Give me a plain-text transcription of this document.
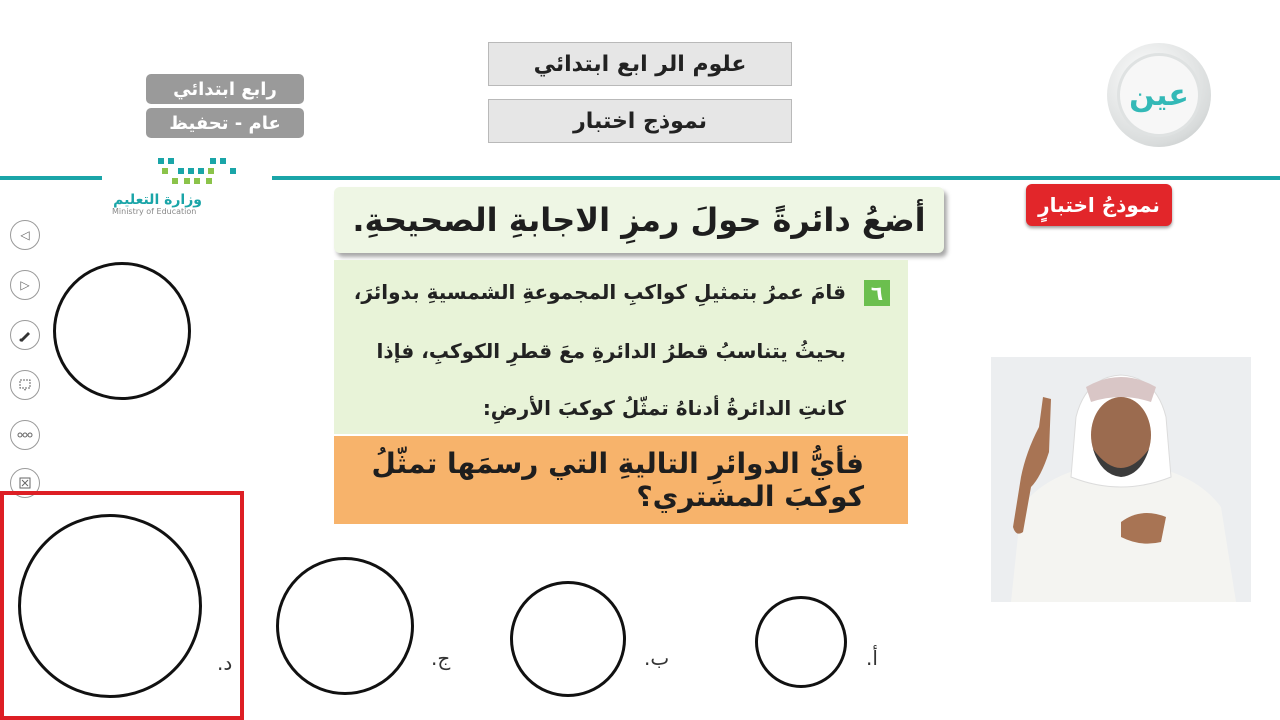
علوم الر ابع ابتدائي
نموذج اختبار
رابع ابتدائي
عام - تحفيظ
وزارة التعليم
Ministry of Education
عين
نموذجُ اختبارٍ
أضعُ دائرةً حولَ رمزِ الاجابةِ الصحيحةِ.
٦
قامَ عمرُ بتمثيلِ كواكبِ المجموعةِ الشمسيةِ بدوائرَ،
بحيثُ يتناسبُ قطرُ الدائرةِ معَ قطرِ الكوكبِ، فإذا
كانتِ الدائرةُ أدناهُ تمثّلُ كوكبَ الأرضِ:
فأيُّ الدوائرِ التاليةِ التي رسمَها تمثّلُ كوكبَ المشتري؟
◁
▷
أ.
ب.
ج.
د.
